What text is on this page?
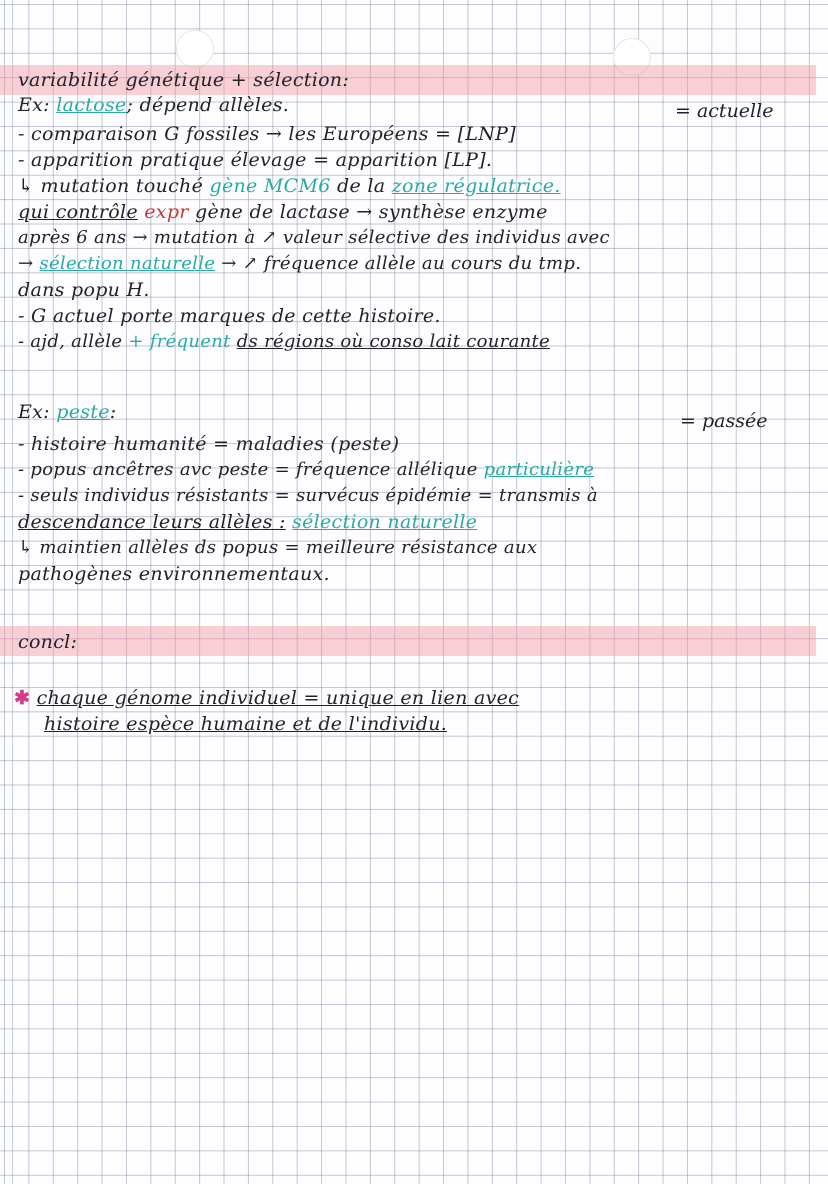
variabilité génétique + sélection:
Ex: lactose; dépend allèles.	= actuelle
- comparaison G fossiles → les Européens = [LNP]
- apparition pratique élevage = apparition [LP].
↳ mutation touché gène MCM6 de la zone régulatrice.
qui contrôle expr gène de lactase → synthèse enzyme
après 6 ans → mutation à ↗ valeur sélective des individus avec
→ sélection naturelle → ↗ fréquence allèle au cours du tmp.
dans popu H.
- G actuel porte marques de cette histoire.
- ajd, allèle + fréquent ds régions où conso lait courante
Ex: peste:	= passée
- histoire humanité = maladies (peste)
- popus ancêtres avc peste = fréquence allélique particulière
- seuls individus résistants = survécus épidémie = transmis à
descendance leurs allèles : sélection naturelle
↳ maintien allèles ds popus = meilleure résistance aux
pathogènes environnementaux.
concl:
✱ chaque génome individuel = unique en lien avec
histoire espèce humaine et de l'individu.
